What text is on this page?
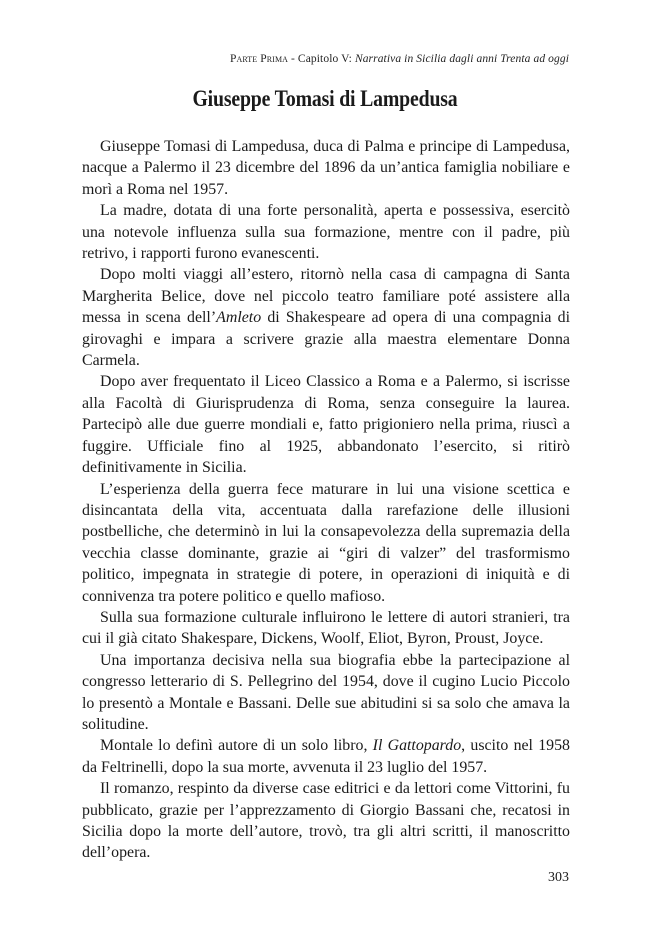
Parte Prima - Capitolo V: Narrativa in Sicilia dagli anni Trenta ad oggi
Giuseppe Tomasi di Lampedusa

Giuseppe Tomasi di Lampedusa, duca di Palma e principe di Lampedusa, nacque a Palermo il 23 dicembre del 1896 da un’antica famiglia nobiliare e morì a Roma nel 1957.

La madre, dotata di una forte personalità, aperta e possessiva, esercitò una notevole influenza sulla sua formazione, mentre con il padre, più retrivo, i rapporti furono evanescenti.

Dopo molti viaggi all’estero, ritornò nella casa di campagna di Santa Margherita Belice, dove nel piccolo teatro familiare poté assistere alla messa in scena dell’Amleto di Shakespeare ad opera di una compagnia di girovaghi e impara a scrivere grazie alla maestra elementare Donna Carmela.

Dopo aver frequentato il Liceo Classico a Roma e a Palermo, si iscrisse alla Facoltà di Giurisprudenza di Roma, senza conseguire la laurea. Partecipò alle due guerre mondiali e, fatto prigioniero nella prima, riuscì a fuggire. Ufficiale fino al 1925, abbandonato l’esercito, si ritirò definitivamente in Sicilia.

L’esperienza della guerra fece maturare in lui una visione scettica e disincantata della vita, accentuata dalla rarefazione delle illusioni postbelliche, che determinò in lui la consapevolezza della supremazia della vecchia classe dominante, grazie ai “giri di valzer” del trasformismo politico, impegnata in strategie di potere, in operazioni di iniquità e di connivenza tra potere politico e quello mafioso.

Sulla sua formazione culturale influirono le lettere di autori stranieri, tra cui il già citato Shakespare, Dickens, Woolf, Eliot, Byron, Proust, Joyce.

Una importanza decisiva nella sua biografia ebbe la partecipazione al congresso letterario di S. Pellegrino del 1954, dove il cugino Lucio Piccolo lo presentò a Montale e Bassani. Delle sue abitudini si sa solo che amava la solitudine.

Montale lo definì autore di un solo libro, Il Gattopardo, uscito nel 1958 da Feltrinelli, dopo la sua morte, avvenuta il 23 luglio del 1957.

Il romanzo, respinto da diverse case editrici e da lettori come Vittorini, fu pubblicato, grazie per l’apprezzamento di Giorgio Bassani che, recatosi in Sicilia dopo la morte dell’autore, trovò, tra gli altri scritti, il manoscritto dell’opera.

303
